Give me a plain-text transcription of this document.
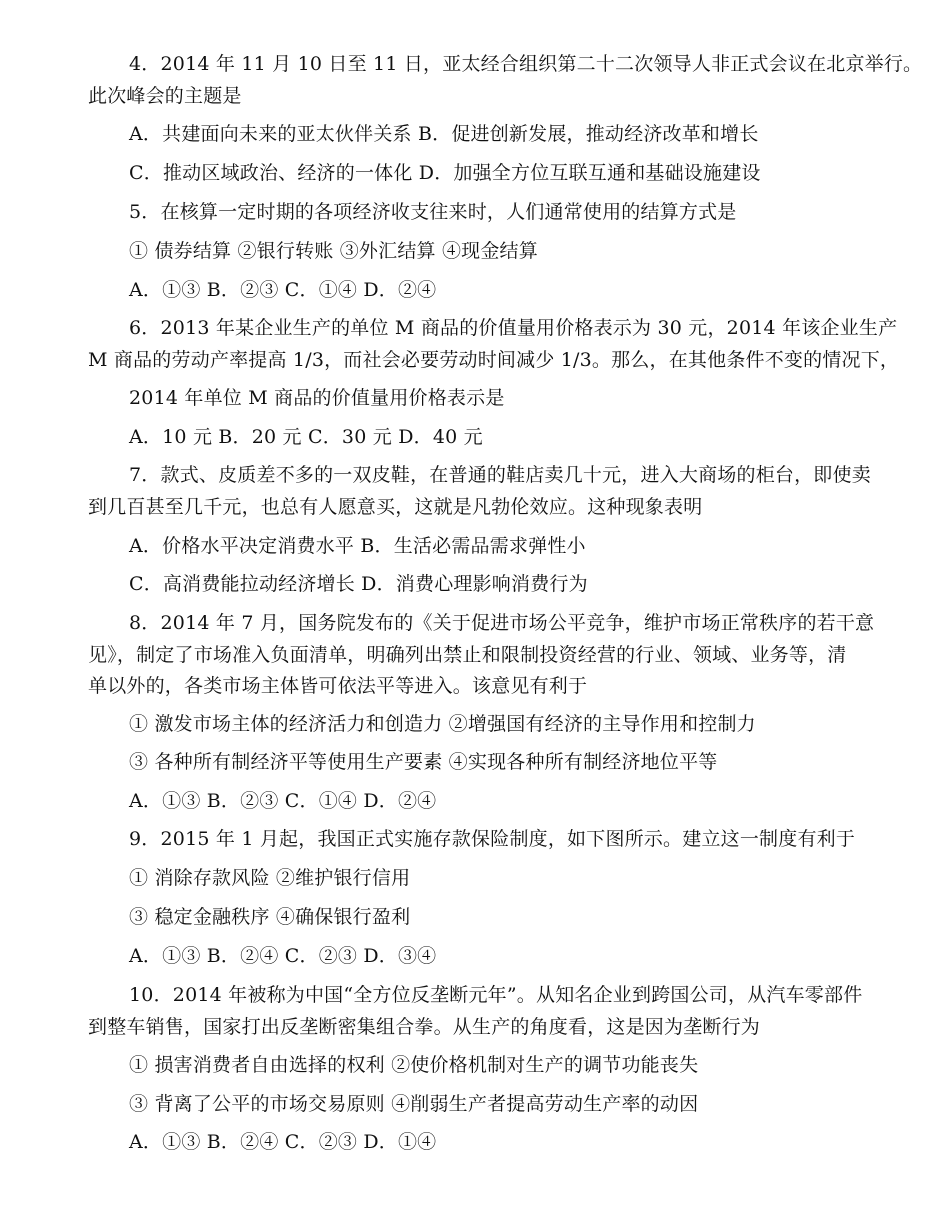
4．2014 年 11 月 10 日至 11 日，亚太经合组织第二十二次领导人非正式会议在北京举行。
此次峰会的主题是
A．共建面向未来的亚太伙伴关系 B．促进创新发展，推动经济改革和增长
C．推动区域政治、经济的一体化 D．加强全方位互联互通和基础设施建设
5．在核算一定时期的各项经济收支往来时，人们通常使用的结算方式是
① 债券结算 ②银行转账 ③外汇结算 ④现金结算
A．①③ B．②③ C．①④ D．②④
6．2013 年某企业生产的单位 M 商品的价值量用价格表示为 30 元，2014 年该企业生产
M 商品的劳动产率提高 1/3，而社会必要劳动时间减少 1/3。那么，在其他条件不变的情况下，
2014 年单位 M 商品的价值量用价格表示是
A．10 元 B．20 元 C．30 元 D．40 元
7．款式、皮质差不多的一双皮鞋，在普通的鞋店卖几十元，进入大商场的柜台，即使卖
到几百甚至几千元，也总有人愿意买，这就是凡勃伦效应。这种现象表明
A．价格水平决定消费水平 B．生活必需品需求弹性小
C．高消费能拉动经济增长 D．消费心理影响消费行为
8．2014 年 7 月，国务院发布的《关于促进市场公平竞争，维护市场正常秩序的若干意
见》，制定了市场准入负面清单，明确列出禁止和限制投资经营的行业、领域、业务等，清
单以外的，各类市场主体皆可依法平等进入。该意见有利于
① 激发市场主体的经济活力和创造力 ②增强国有经济的主导作用和控制力
③ 各种所有制经济平等使用生产要素 ④实现各种所有制经济地位平等
A．①③ B．②③ C．①④ D．②④
9．2015 年 1 月起，我国正式实施存款保险制度，如下图所示。建立这一制度有利于
① 消除存款风险 ②维护银行信用
③ 稳定金融秩序 ④确保银行盈利
A．①③ B．②④ C．②③ D．③④
10．2014 年被称为中国“全方位反垄断元年”。从知名企业到跨国公司，从汽车零部件
到整车销售，国家打出反垄断密集组合拳。从生产的角度看，这是因为垄断行为
① 损害消费者自由选择的权利 ②使价格机制对生产的调节功能丧失
③ 背离了公平的市场交易原则 ④削弱生产者提高劳动生产率的动因
A．①③ B．②④ C．②③ D．①④
